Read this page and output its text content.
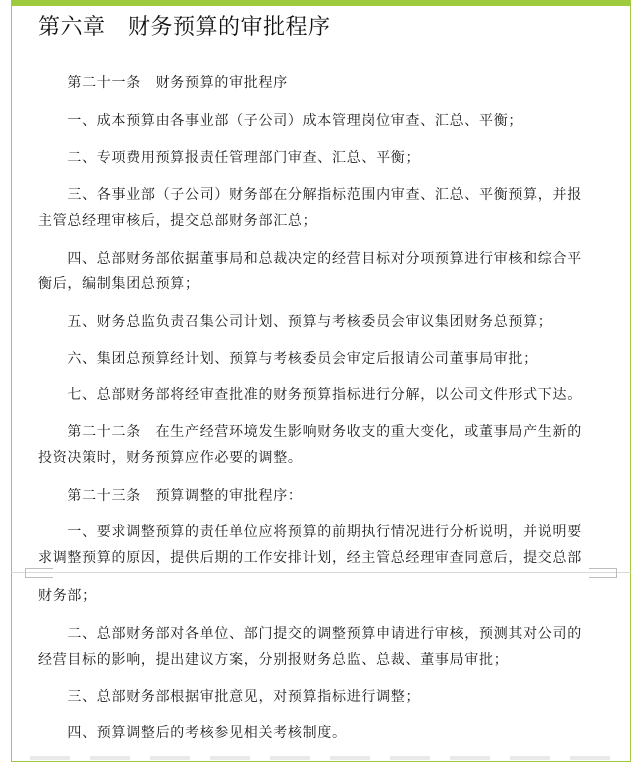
第六章　财务预算的审批程序
　　第二十一条　财务预算的审批程序
　　一、成本预算由各事业部（子公司）成本管理岗位审查、汇总、平衡；
　　二、专项费用预算报责任管理部门审查、汇总、平衡；
　　三、各事业部（子公司）财务部在分解指标范围内审查、汇总、平衡预算，并报
主管总经理审核后，提交总部财务部汇总；
　　四、总部财务部依据董事局和总裁决定的经营目标对分项预算进行审核和综合平
衡后，编制集团总预算；
　　五、财务总监负责召集公司计划、预算与考核委员会审议集团财务总预算；
　　六、集团总预算经计划、预算与考核委员会审定后报请公司董事局审批；
　　七、总部财务部将经审查批准的财务预算指标进行分解，以公司文件形式下达。
　　第二十二条　在生产经营环境发生影响财务收支的重大变化，或董事局产生新的
投资决策时，财务预算应作必要的调整。
　　第二十三条　预算调整的审批程序：
　　一、要求调整预算的责任单位应将预算的前期执行情况进行分析说明，并说明要
求调整预算的原因，提供后期的工作安排计划，经主管总经理审查同意后，提交总部
财务部；
　　二、总部财务部对各单位、部门提交的调整预算申请进行审核，预测其对公司的
经营目标的影响，提出建议方案，分别报财务总监、总裁、董事局审批；
　　三、总部财务部根据审批意见，对预算指标进行调整；
　　四、预算调整后的考核参见相关考核制度。
